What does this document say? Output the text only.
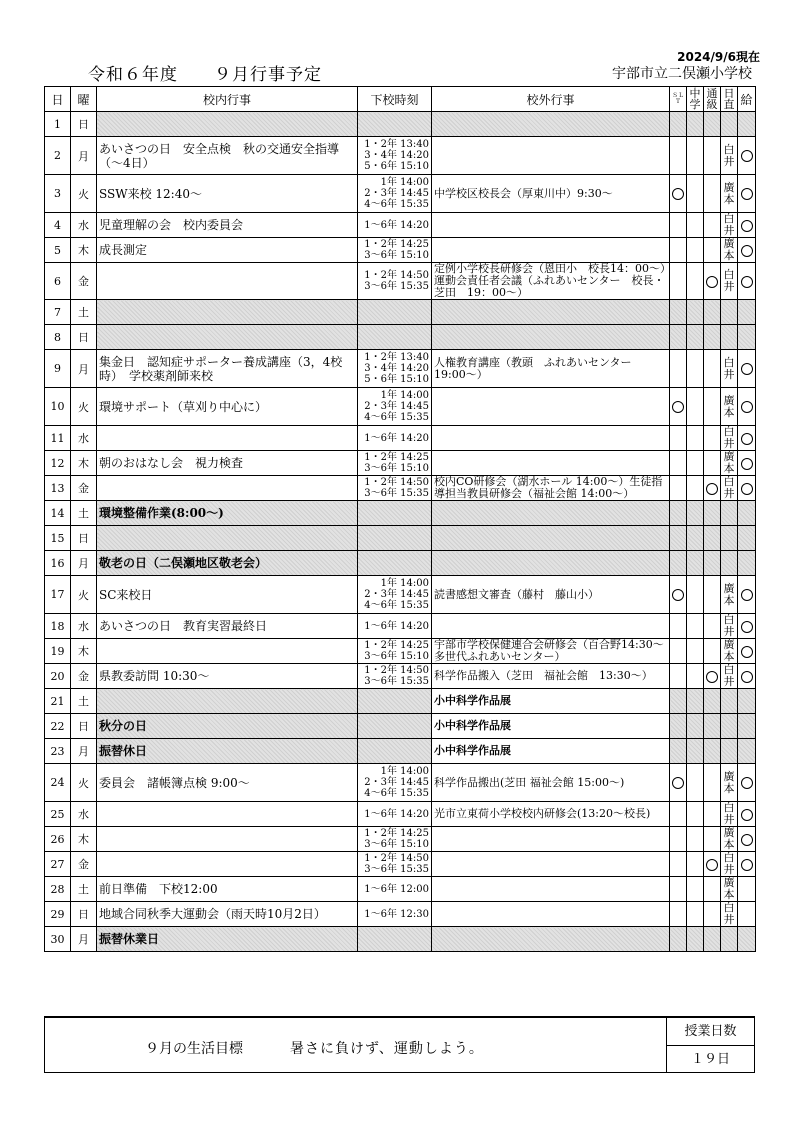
令和６年度 ９月行事予定
2024/9/6現在
宇部市立二俣瀬小学校
日	曜	校内行事	下校時刻	校外行事	ＳＬＴ	中学	通級	日直	給
1	日								
2	月	あいさつの日　安全点検　秋の交通安全指導（〜4日）	1・2年 13:40
3・4年 14:20
5・6年 15:10					白井	
3	火	SSW来校 12:40〜	1年 14:00
2・3年 14:45
4〜6年 15:35	中学校区校長会（厚東川中）9:30〜				廣本	
4	水	児童理解の会　校内委員会	1〜6年 14:20					白井	
5	木	成長測定	1・2年 14:25
3〜6年 15:10					廣本	
6	金		1・2年 14:50
3〜6年 15:35	定例小学校長研修会（恩田小　校長14：00〜）運動会責任者会議（ふれあいセンター　校長・芝田　19：00〜）				白井	
7	土								
8	日								
9	月	集金日　認知症サポーター養成講座（3，4校時）　学校薬剤師来校	1・2年 13:40
3・4年 14:20
5・6年 15:10	人権教育講座（教頭　ふれあいセンター19:00〜）				白井	
10	火	環境サポート（草刈り中心に）	1年 14:00
2・3年 14:45
4〜6年 15:35					廣本	
11	水		1〜6年 14:20					白井	
12	木	朝のおはなし会　視力検査	1・2年 14:25
3〜6年 15:10					廣本	
13	金		1・2年 14:50
3〜6年 15:35	校内CO研修会（湖水ホール 14:00〜）生徒指導担当教員研修会（福祉会館 14:00〜）				白井	
14	土	環境整備作業(8:00〜)							
15	日								
16	月	敬老の日（二俣瀬地区敬老会）							
17	火	SC来校日	1年 14:00
2・3年 14:45
4〜6年 15:35	読書感想文審査（藤村　藤山小）				廣本	
18	水	あいさつの日　教育実習最終日	1〜6年 14:20					白井	
19	木		1・2年 14:25
3〜6年 15:10	宇部市学校保健連合会研修会（百合野14:30〜　多世代ふれあいセンター）				廣本	
20	金	県教委訪問 10:30〜	1・2年 14:50
3〜6年 15:35	科学作品搬入（芝田　福祉会館　13:30〜）				白井	
21	土			小中科学作品展					
22	日	秋分の日		小中科学作品展					
23	月	振替休日		小中科学作品展					
24	火	委員会　諸帳簿点検 9:00〜	1年 14:00
2・3年 14:45
4〜6年 15:35	科学作品搬出(芝田 福祉会館 15:00〜)				廣本	
25	水		1〜6年 14:20	光市立東荷小学校校内研修会(13:20〜校長)				白井	
26	木		1・2年 14:25
3〜6年 15:10					廣本	
27	金		1・2年 14:50
3〜6年 15:35					白井	
28	土	前日準備　下校12:00	1〜6年 12:00					廣本	
29	日	地域合同秋季大運動会（雨天時10月2日）	1〜6年 12:30					白井	
30	月	振替休業日							
９月の生活目標	暑さに負けず、運動しよう。
授業日数
１９日
